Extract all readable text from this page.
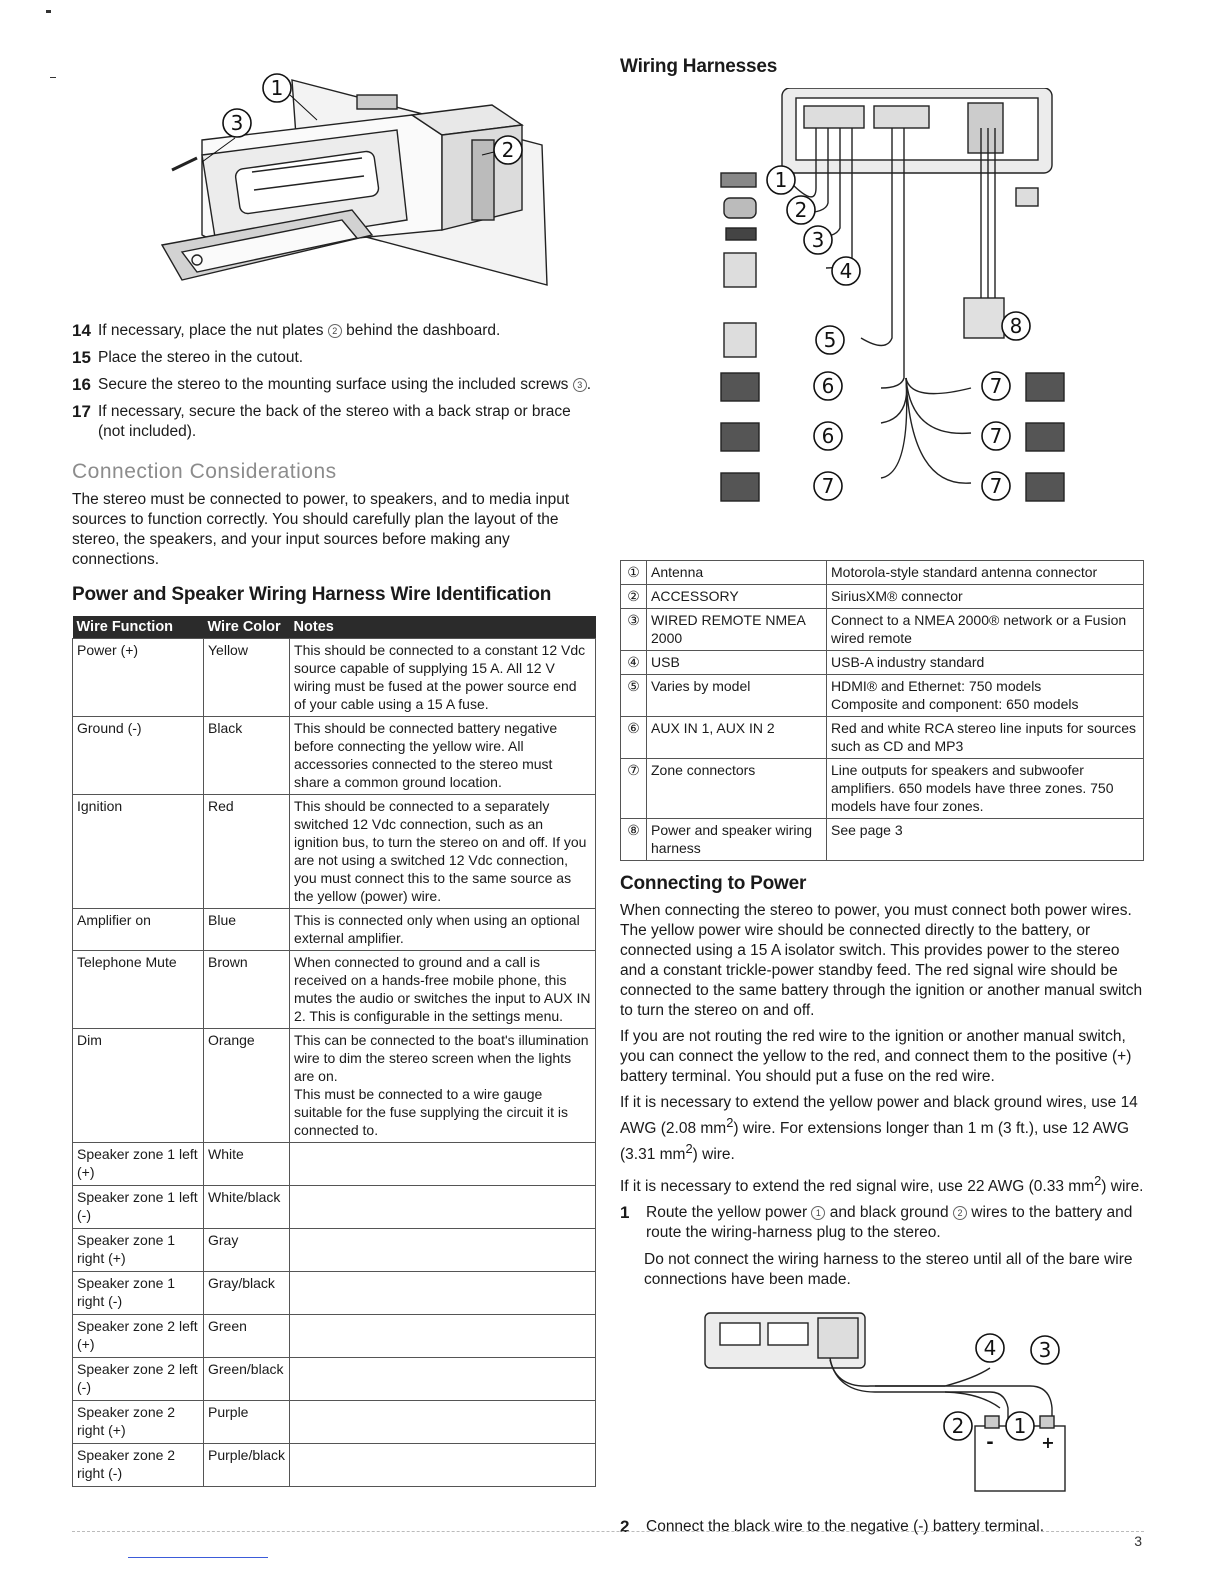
1
3
2
14 If necessary, place the nut plates 2 behind the dashboard.
15 Place the stereo in the cutout.
16 Secure the stereo to the mounting surface using the included screws 3 .
17 If necessary, secure the back of the stereo with a back strap or brace (not included).
Connection Considerations
The stereo must be connected to power, to speakers, and to media input sources to function correctly. You should carefully plan the layout of the stereo, the speakers, and your input sources before making any connections.
Power and Speaker Wiring Harness Wire Identification
Wire Function	Wire Color	Notes
Power (+)	Yellow	This should be connected to a constant 12 Vdc source capable of supplying 15 A. All 12 V wiring must be fused at the power source end of your cable using a 15 A fuse.
Ground (-)	Black	This should be connected battery negative before connecting the yellow wire. All accessories connected to the stereo must share a common ground location.
Ignition	Red	This should be connected to a separately switched 12 Vdc connection, such as an ignition bus, to turn the stereo on and off. If you are not using a switched 12 Vdc connection, you must connect this to the same source as the yellow (power) wire.
Amplifier on	Blue	This is connected only when using an optional external amplifier.
Telephone Mute	Brown	When connected to ground and a call is received on a hands-free mobile phone, this mutes the audio or switches the input to AUX IN 2. This is configurable in the settings menu.
Dim	Orange	This can be connected to the boat's illumination wire to dim the stereo screen when the lights are on.
This must be connected to a wire gauge suitable for the fuse supplying the circuit it is connected to.

Speaker zone 1 left (+)	White	
Speaker zone 1 left (-)	White/black	
Speaker zone 1 right (+)	Gray	
Speaker zone 1 right (-)	Gray/black	
Speaker zone 2 left (+)	Green	
Speaker zone 2 left (-)	Green/black	
Speaker zone 2 right (+)	Purple	
Speaker zone 2 right (-)	Purple/black	
Wiring Harnesses
1
2
3
4
5
6
6
7
7
7
7
8
①	Antenna	Motorola-style standard antenna connector
②	ACCESSORY	SiriusXM® connector
③	WIRED REMOTE NMEA 2000	Connect to a NMEA 2000® network or a Fusion wired remote
④	USB	USB-A industry standard
⑤	Varies by model	HDMI® and Ethernet: 750 models
Composite and component: 650 models

⑥	AUX IN 1, AUX IN 2	Red and white RCA stereo line inputs for sources such as CD and MP3
⑦	Zone connectors	Line outputs for speakers and subwoofer amplifiers. 650 models have three zones. 750 models have four zones.
⑧	Power and speaker wiring harness	See page 3
Connecting to Power
When connecting the stereo to power, you must connect both power wires. The yellow power wire should be connected directly to the battery, or connected using a 15 A isolator switch. This provides power to the stereo and a constant trickle-power standby feed. The red signal wire should be connected to the same battery through the ignition or another manual switch to turn the stereo on and off.
If you are not routing the red wire to the ignition or another manual switch, you can connect the yellow to the red, and connect them to the positive (+) battery terminal. You should put a fuse on the red wire.
If it is necessary to extend the yellow power and black ground wires, use 14 AWG (2.08 $mm^2$) wire. For extensions longer than 1 m (3 ft.), use 12 AWG (3.31 $mm^2$) wire.
If it is necessary to extend the red signal wire, use 22 AWG (0.33 $mm^2$) wire.
1	Route the yellow power 1 and black ground 2 wires to the battery and route the wiring-harness plug to the stereo.
Do not connect the wiring harness to the stereo until all of the bare wire connections have been made.
4 3
2 1
-	+
2	Connect the black wire to the negative (-) battery terminal.
3
